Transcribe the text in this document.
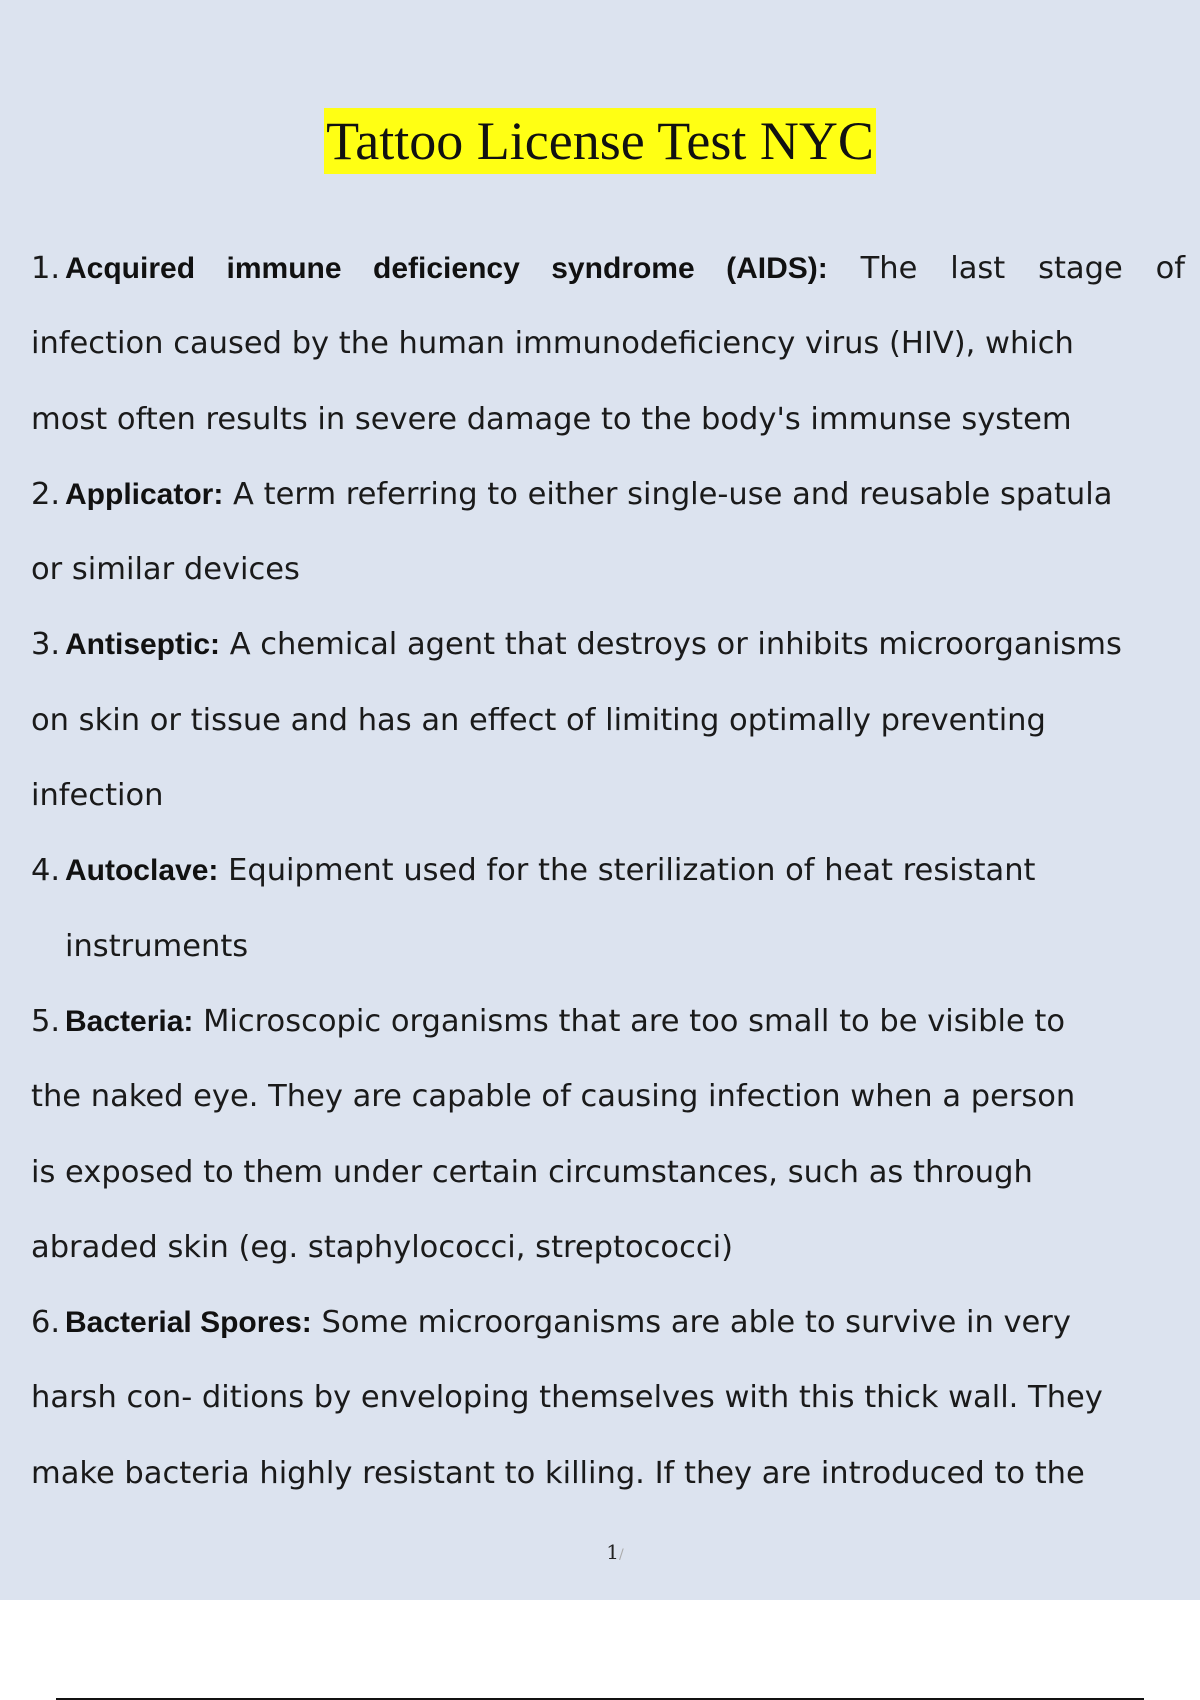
Tattoo License Test NYC
1. Acquired immune deficiency syndrome (AIDS): The last stage of
infection caused by the human immunodeficiency virus (HIV), which
most often results in severe damage to the body's immunse system
2. Applicator: A term referring to either single-use and reusable spatula
or similar devices
3. Antiseptic: A chemical agent that destroys or inhibits microorganisms
on skin or tissue and has an effect of limiting optimally preventing
infection
4. Autoclave: Equipment used for the sterilization of heat resistant
instruments
5. Bacteria: Microscopic organisms that are too small to be visible to
the naked eye. They are capable of causing infection when a person
is exposed to them under certain circumstances, such as through
abraded skin (eg. staphylococci, streptococci)
6. Bacterial Spores: Some microorganisms are able to survive in very
harsh con- ditions by enveloping themselves with this thick wall. They
make bacteria highly resistant to killing. If they are introduced to the
1/
